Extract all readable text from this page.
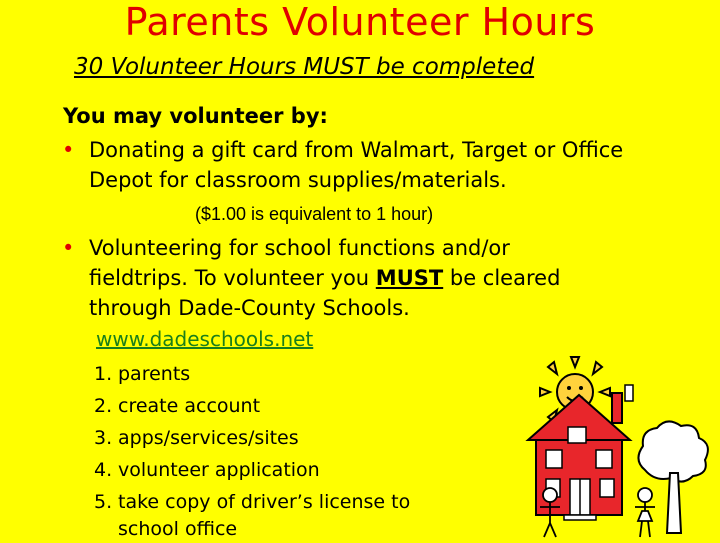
Parents Volunteer Hours
30 Volunteer Hours MUST be completed
You may volunteer by:
• Donating a gift card from Walmart, Target or Office Depot for classroom supplies/materials.
($1.00 is equivalent to 1 hour)
• Volunteering for school functions and/or fieldtrips. To volunteer you MUST be cleared through Dade-County Schools.
www.dadeschools.net
1. parents
2. create account
3. apps/services/sites
4. volunteer application
5. take copy of driver’s license to school office
